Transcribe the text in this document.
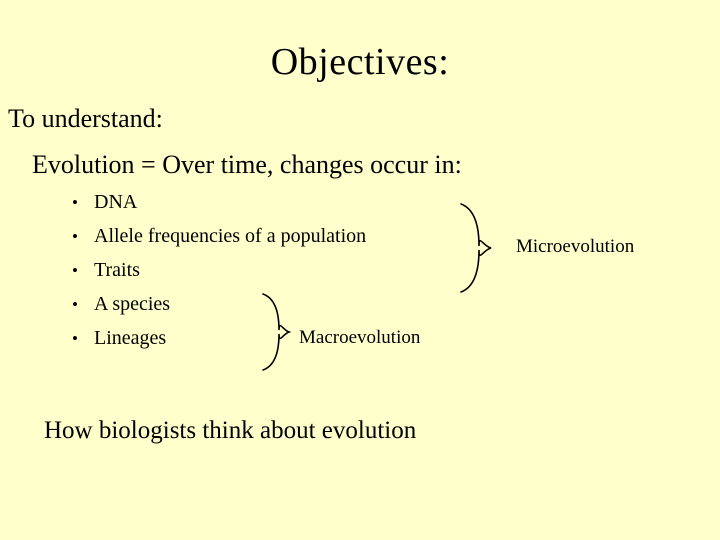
Objectives:
To understand:
Evolution = Over time, changes occur in:
• DNA
• Allele frequencies of a population
• Traits
• A species
• Lineages
Microevolution
Macroevolution
How biologists think about evolution
